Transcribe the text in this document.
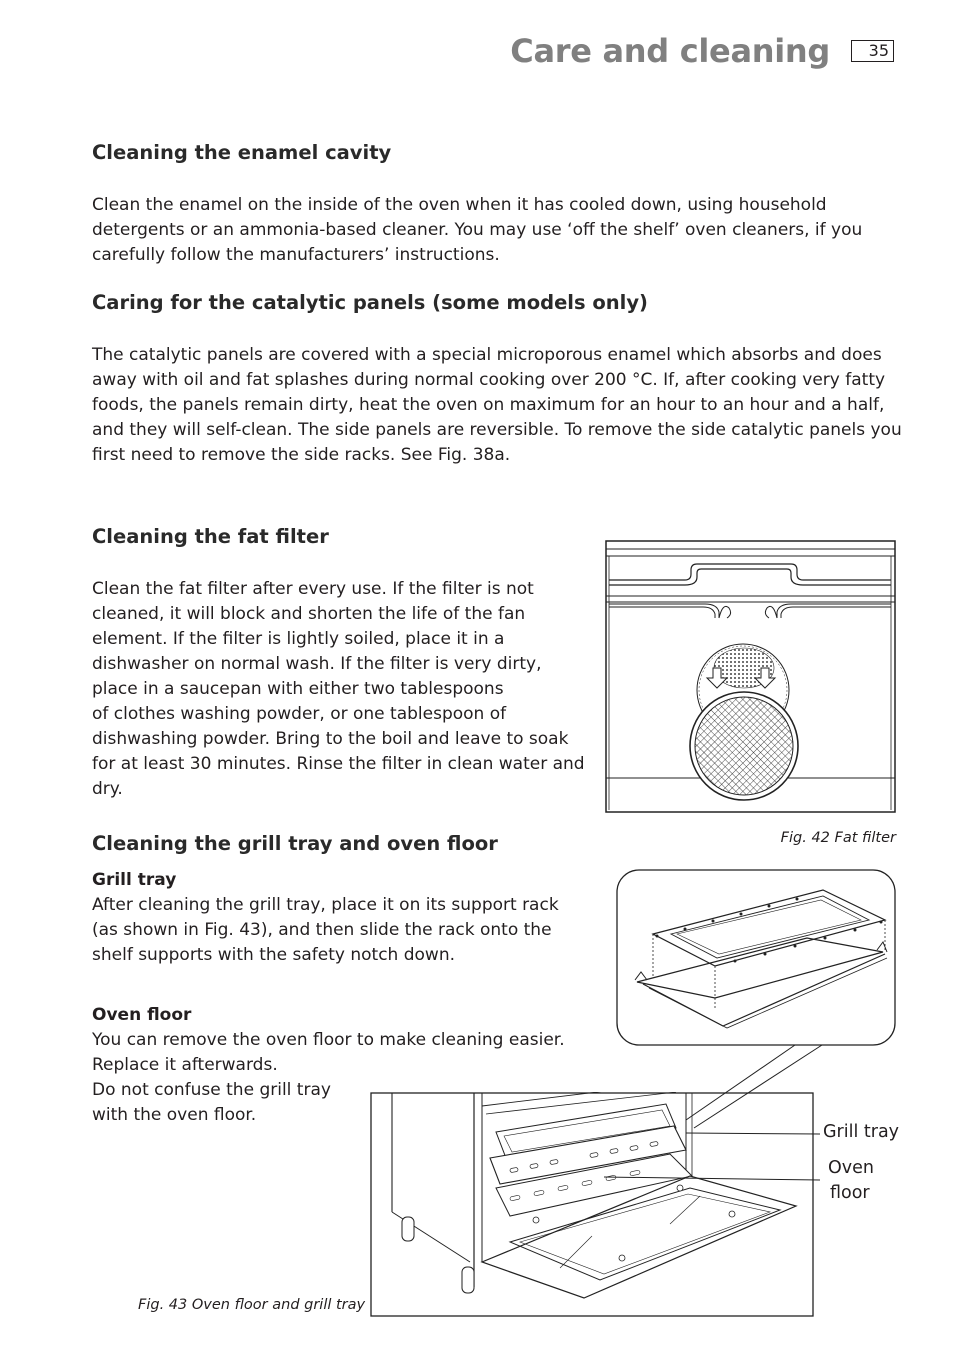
Care and cleaning	35
Cleaning the enamel cavity
Clean the enamel on the inside of the oven when it has cooled down, using household
detergents or an ammonia-based cleaner. You may use ‘off the shelf’ oven cleaners, if you
carefully follow the manufacturers’ instructions.
Caring for the catalytic panels (some models only)
The catalytic panels are covered with a special microporous enamel which absorbs and does
away with oil and fat splashes during normal cooking over 200 °C. If, after cooking very fatty
foods, the panels remain dirty, heat the oven on maximum for an hour to an hour and a half,
and they will self-clean. The side panels are reversible. To remove the side catalytic panels you
first need to remove the side racks. See Fig. 38a.
Cleaning the fat filter
Clean the fat filter after every use. If the filter is not
cleaned, it will block and shorten the life of the fan
element. If the filter is lightly soiled, place it in a
dishwasher on normal wash. If the filter is very dirty,
place in a saucepan with either two tablespoons
of clothes washing powder, or one tablespoon of
dishwashing powder. Bring to the boil and leave to soak
for at least 30 minutes. Rinse the filter in clean water and
dry.
Fig. 42 Fat filter
Cleaning the grill tray and oven floor
Grill tray
After cleaning the grill tray, place it on its support rack
(as shown in Fig. 43), and then slide the rack onto the
shelf supports with the safety notch down.
Oven floor
You can remove the oven floor to make cleaning easier.
Replace it afterwards.
Do not confuse the grill tray
with the oven floor.
Grill tray
Oven
floor
Fig. 43 Oven floor and grill tray
